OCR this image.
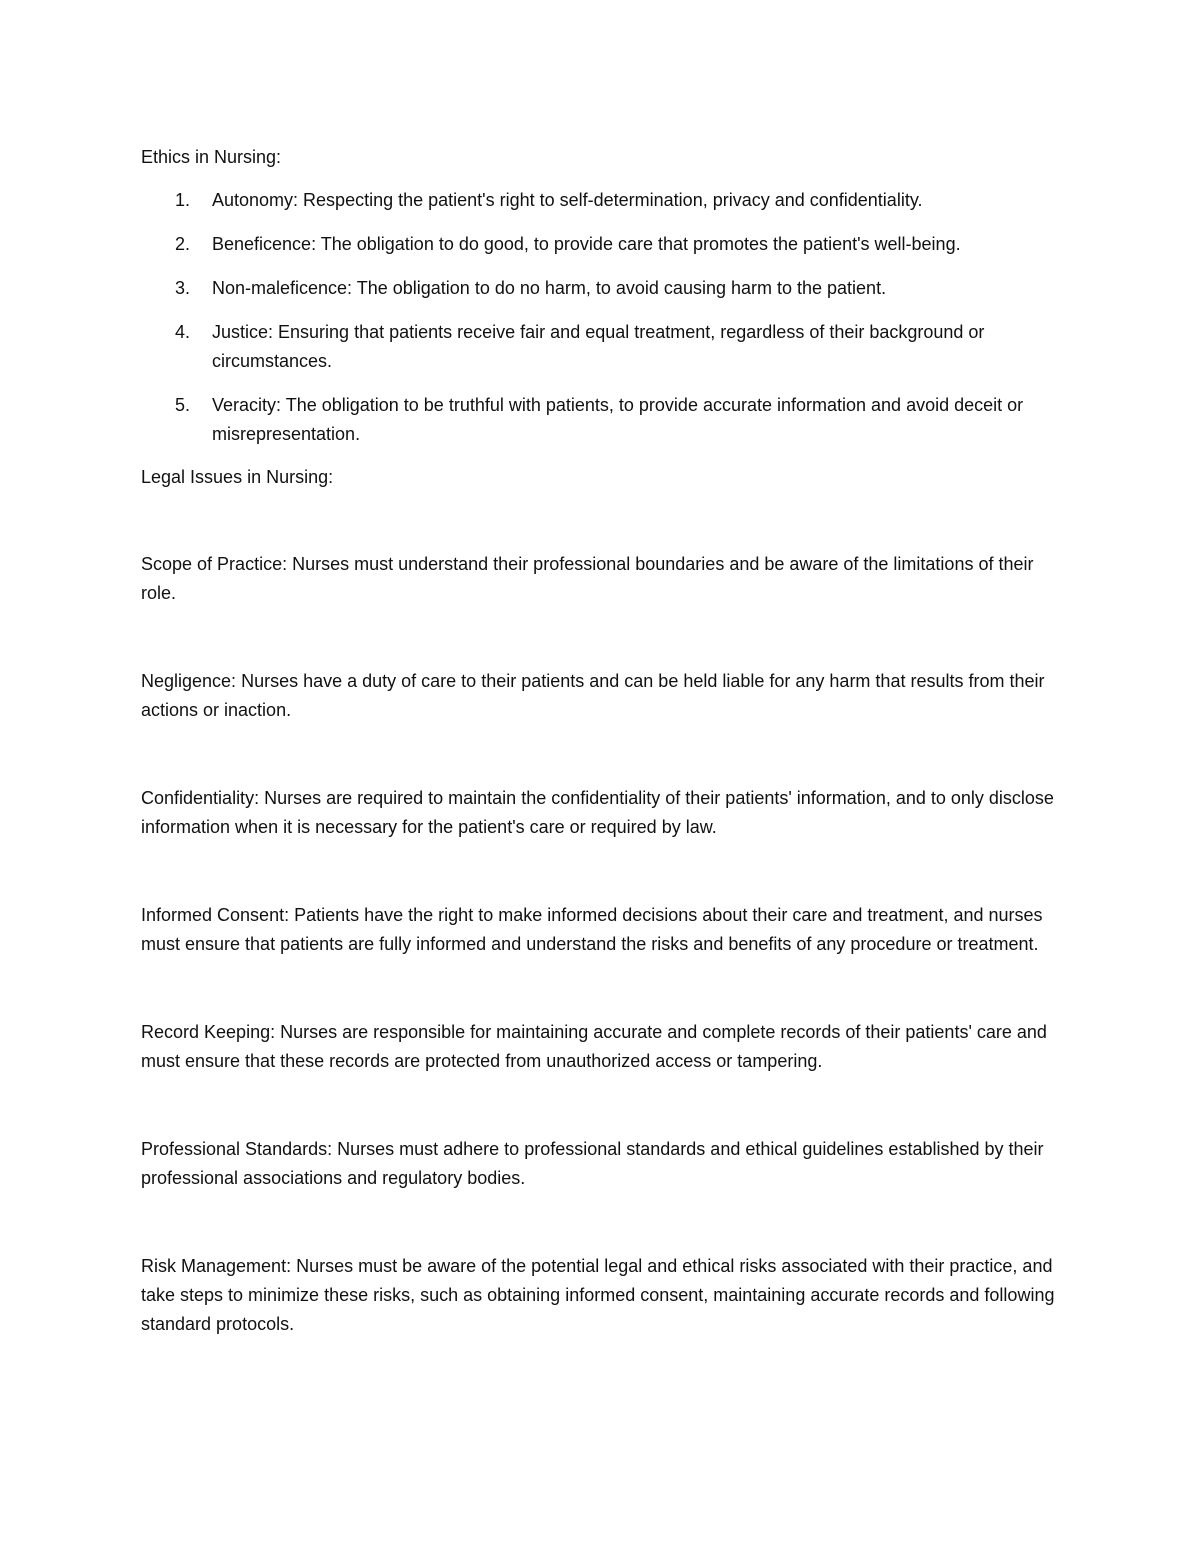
Ethics in Nursing:

1. Autonomy: Respecting the patient's right to self-determination, privacy and confidentiality.
2. Beneficence: The obligation to do good, to provide care that promotes the patient's well-being.
3. Non-maleficence: The obligation to do no harm, to avoid causing harm to the patient.
4. Justice: Ensuring that patients receive fair and equal treatment, regardless of their background or circumstances.
5. Veracity: The obligation to be truthful with patients, to provide accurate information and avoid deceit or misrepresentation.

Legal Issues in Nursing:

Scope of Practice: Nurses must understand their professional boundaries and be aware of the limitations of their role.

Negligence: Nurses have a duty of care to their patients and can be held liable for any harm that results from their actions or inaction.

Confidentiality: Nurses are required to maintain the confidentiality of their patients' information, and to only disclose information when it is necessary for the patient's care or required by law.

Informed Consent: Patients have the right to make informed decisions about their care and treatment, and nurses must ensure that patients are fully informed and understand the risks and benefits of any procedure or treatment.

Record Keeping: Nurses are responsible for maintaining accurate and complete records of their patients' care and must ensure that these records are protected from unauthorized access or tampering.

Professional Standards: Nurses must adhere to professional standards and ethical guidelines established by their professional associations and regulatory bodies.

Risk Management: Nurses must be aware of the potential legal and ethical risks associated with their practice, and take steps to minimize these risks, such as obtaining informed consent, maintaining accurate records and following standard protocols.
